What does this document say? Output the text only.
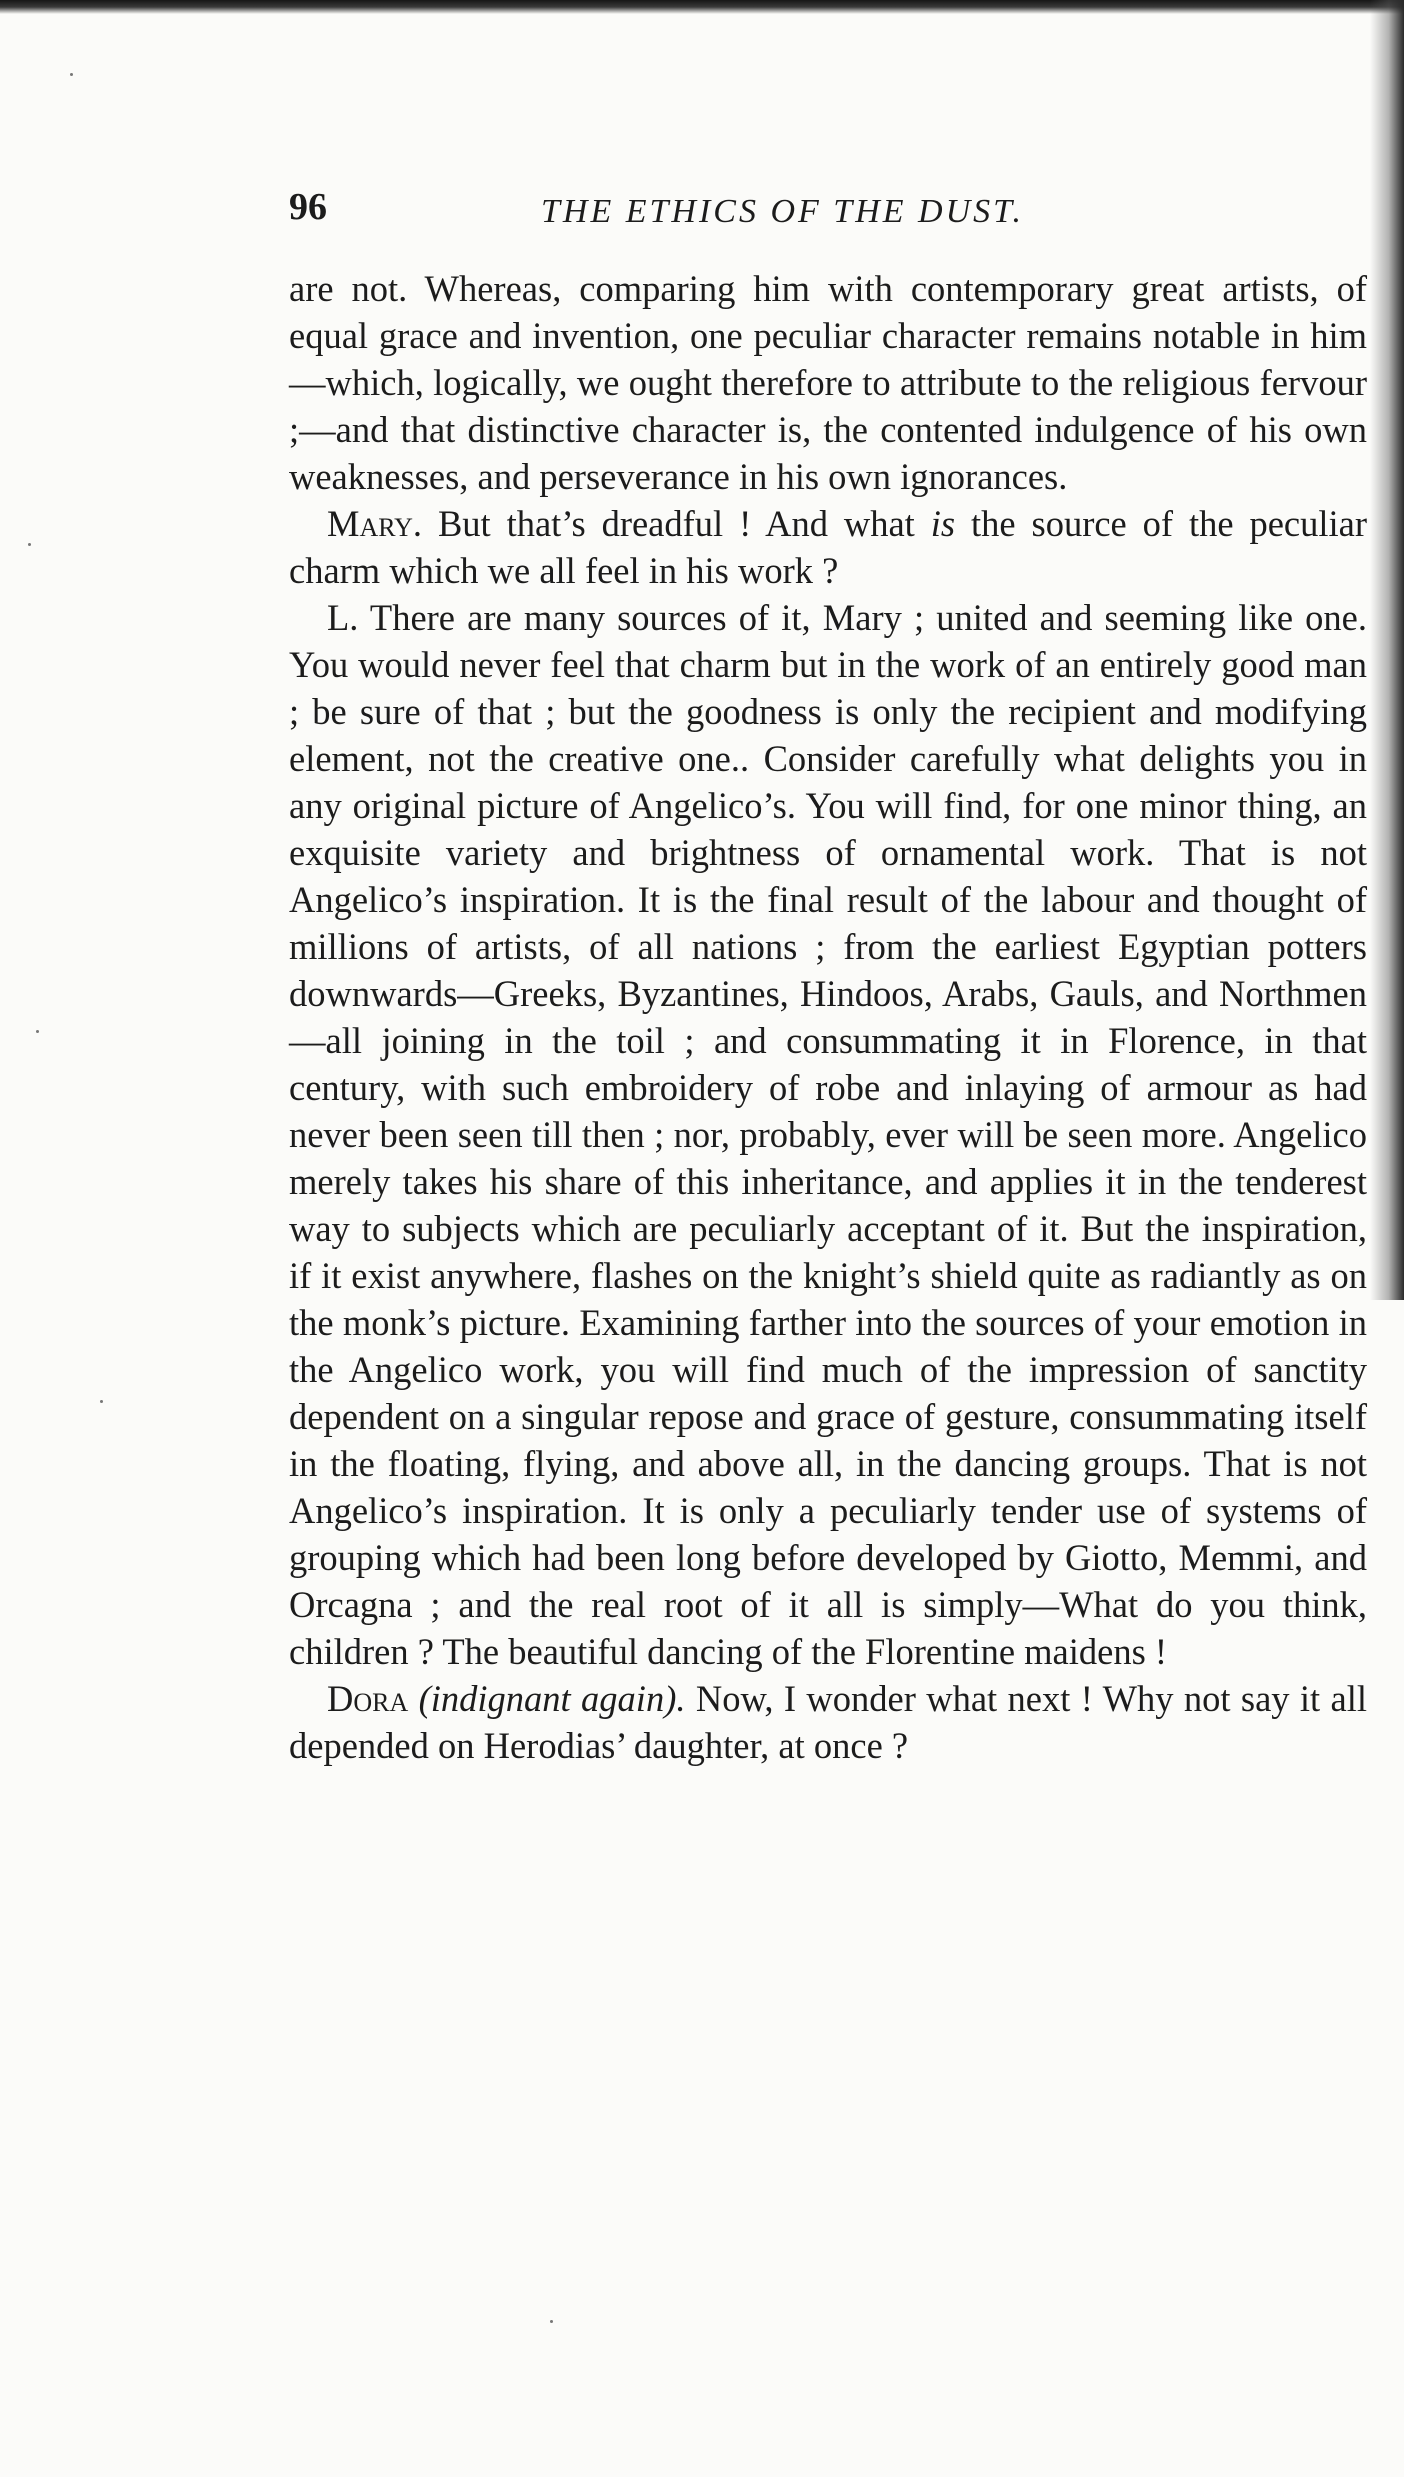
96	THE ETHICS OF THE DUST.

are not. Whereas, comparing him with contemporary great artists, of equal grace and invention, one peculiar character remains notable in him—which, logically, we ought therefore to attribute to the religious fervour ;—and that distinctive character is, the contented indulgence of his own weaknesses, and perseverance in his own ignorances.

Mary. But that’s dreadful ! And what is the source of the peculiar charm which we all feel in his work ?

L. There are many sources of it, Mary ; united and seeming like one. You would never feel that charm but in the work of an entirely good man ; be sure of that ; but the goodness is only the recipient and modifying element, not the creative one.. Consider carefully what delights you in any original picture of Angelico’s. You will find, for one minor thing, an exquisite variety and brightness of ornamental work. That is not Angelico’s inspiration. It is the final result of the labour and thought of millions of artists, of all nations ; from the earliest Egyptian potters downwards—Greeks, Byzantines, Hindoos, Arabs, Gauls, and Northmen—all joining in the toil ; and consummating it in Florence, in that century, with such embroidery of robe and inlaying of armour as had never been seen till then ; nor, probably, ever will be seen more. Angelico merely takes his share of this inheritance, and applies it in the tenderest way to subjects which are peculiarly acceptant of it. But the inspiration, if it exist anywhere, flashes on the knight’s shield quite as radiantly as on the monk’s picture. Examining farther into the sources of your emotion in the Angelico work, you will find much of the impression of sanctity dependent on a singular repose and grace of gesture, consummating itself in the floating, flying, and above all, in the dancing groups. That is not Angelico’s inspiration. It is only a peculiarly tender use of systems of grouping which had been long before developed by Giotto, Memmi, and Orcagna ; and the real root of it all is simply—What do you think, children ? The beautiful dancing of the Florentine maidens !

Dora (indignant again). Now, I wonder what next ! Why not say it all depended on Herodias’ daughter, at once ?
